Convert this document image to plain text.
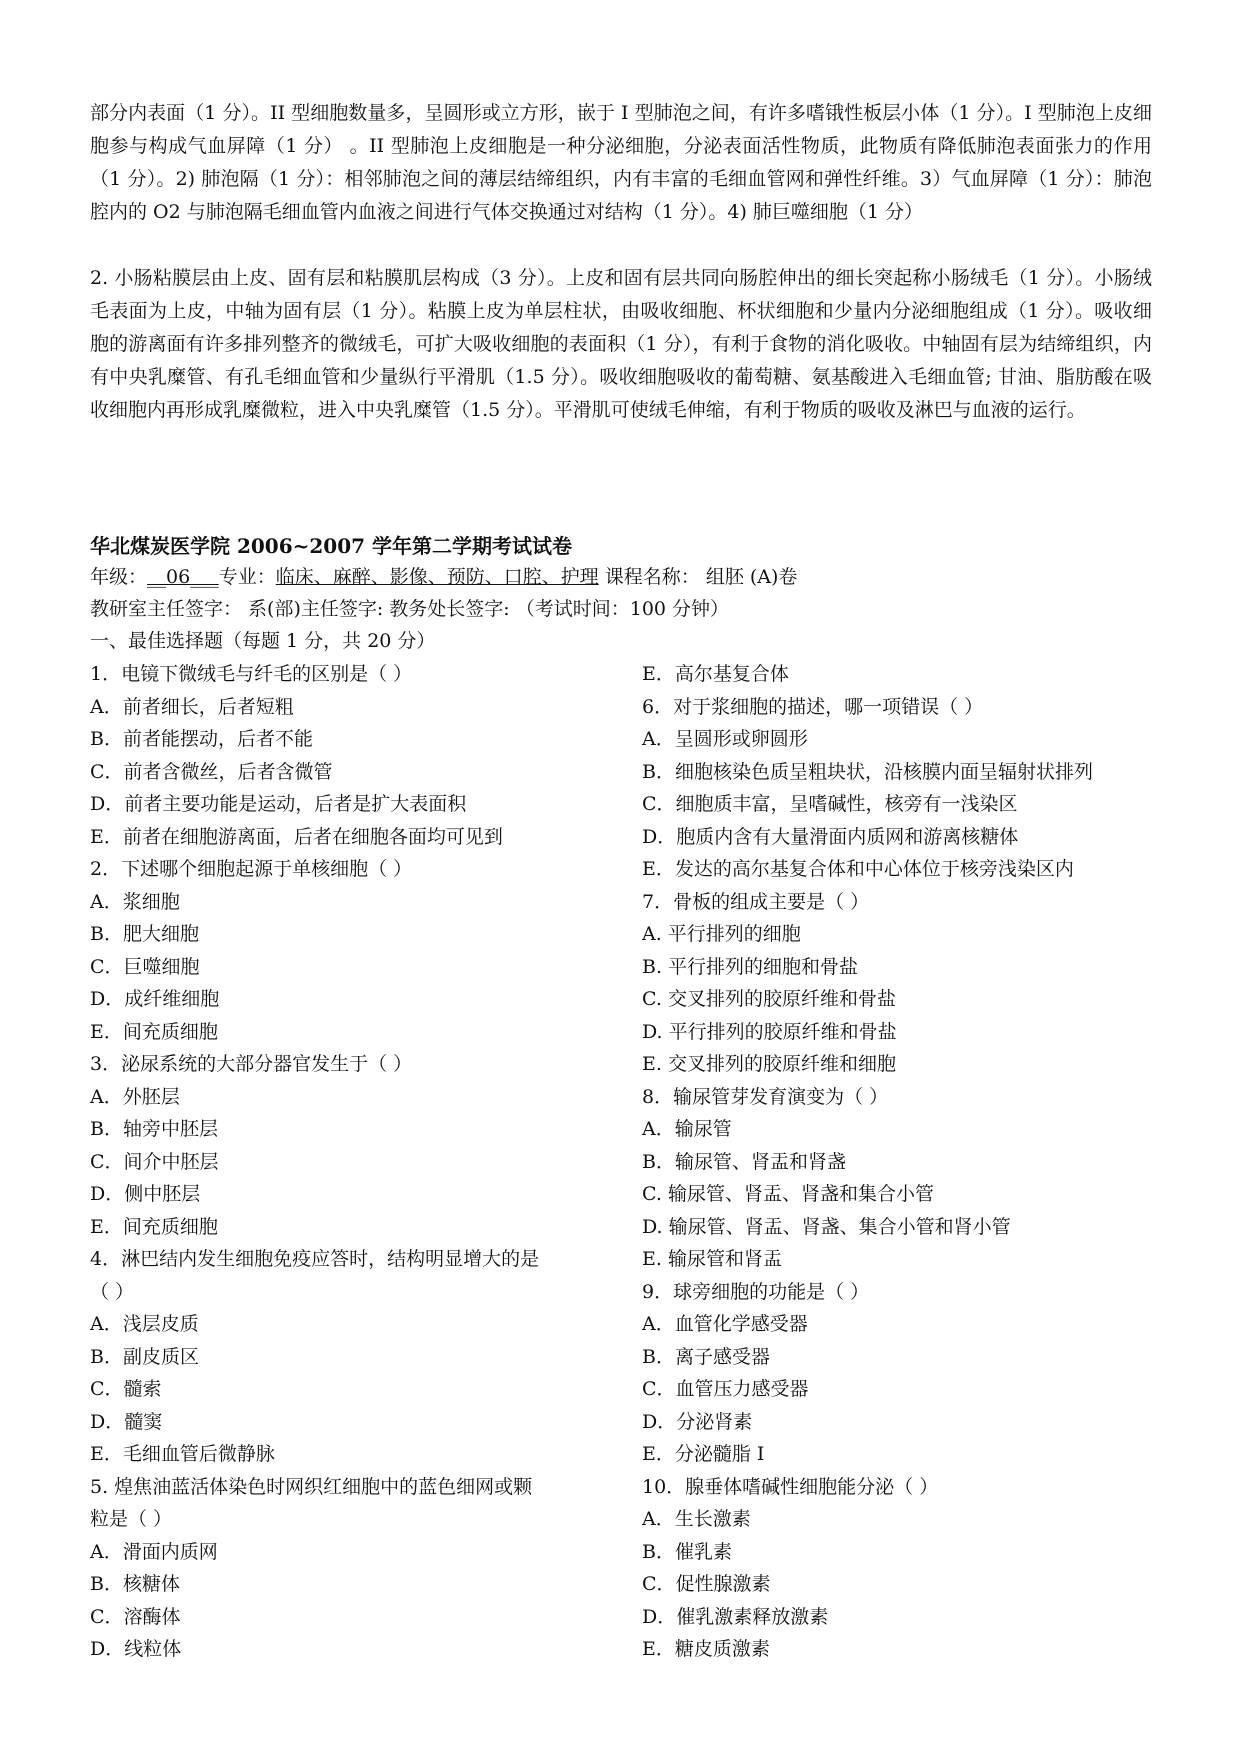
部分内表面（1 分）。II 型细胞数量多，呈圆形或立方形，嵌于 I 型肺泡之间，有许多嗜锇性板层小体（1 分）。I 型肺泡上皮细胞参与构成气血屏障（1 分） 。II 型肺泡上皮细胞是一种分泌细胞，分泌表面活性物质，此物质有降低肺泡表面张力的作用（1 分）。2) 肺泡隔（1 分）：相邻肺泡之间的薄层结缔组织，内有丰富的毛细血管网和弹性纤维。3）气血屏障（1 分）：肺泡腔内的 O2 与肺泡隔毛细血管内血液之间进行气体交换通过对结构（1 分）。4) 肺巨噬细胞（1 分）

2. 小肠粘膜层由上皮、固有层和粘膜肌层构成（3 分）。上皮和固有层共同向肠腔伸出的细长突起称小肠绒毛（1 分）。小肠绒毛表面为上皮，中轴为固有层（1 分）。粘膜上皮为单层柱状，由吸收细胞、杯状细胞和少量内分泌细胞组成（1 分）。吸收细胞的游离面有许多排列整齐的微绒毛，可扩大吸收细胞的表面积（1 分），有利于食物的消化吸收。中轴固有层为结缔组织，内有中央乳糜管、有孔毛细血管和少量纵行平滑肌（1.5 分）。吸收细胞吸收的葡萄糖、氨基酸进入毛细血管; 甘油、脂肪酸在吸收细胞内再形成乳糜微粒，进入中央乳糜管（1.5 分）。平滑肌可使绒毛伸缩，有利于物质的吸收及淋巴与血液的运行。

华北煤炭医学院 2006~2007 学年第二学期考试试卷
年级：__06___专业：临床、麻醉、影像、预防、口腔、护理 课程名称： 组胚 (A)卷
教研室主任签字： 系(部)主任签字: 教务处长签字: （考试时间：100 分钟）
一、最佳选择题（每题 1 分，共 20 分）
1．电镜下微绒毛与纤毛的区别是（ ）
A．前者细长，后者短粗
B．前者能摆动，后者不能
C．前者含微丝，后者含微管
D．前者主要功能是运动，后者是扩大表面积
E．前者在细胞游离面，后者在细胞各面均可见到
2．下述哪个细胞起源于单核细胞（ ）
A．浆细胞
B．肥大细胞
C．巨噬细胞
D．成纤维细胞
E．间充质细胞
3．泌尿系统的大部分器官发生于（ ）
A．外胚层
B．轴旁中胚层
C．间介中胚层
D．侧中胚层
E．间充质细胞
4．淋巴结内发生细胞免疫应答时，结构明显增大的是
（ ）
A．浅层皮质
B．副皮质区
C．髓索
D．髓窦
E．毛细血管后微静脉
5. 煌焦油蓝活体染色时网织红细胞中的蓝色细网或颗
粒是（ ）
A．滑面内质网
B．核糖体
C．溶酶体
D．线粒体
E．高尔基复合体
6．对于浆细胞的描述，哪一项错误（ ）
A．呈圆形或卵圆形
B．细胞核染色质呈粗块状，沿核膜内面呈辐射状排列
C．细胞质丰富，呈嗜碱性，核旁有一浅染区
D．胞质内含有大量滑面内质网和游离核糖体
E．发达的高尔基复合体和中心体位于核旁浅染区内
7．骨板的组成主要是（ ）
A. 平行排列的细胞
B. 平行排列的细胞和骨盐
C. 交叉排列的胶原纤维和骨盐
D. 平行排列的胶原纤维和骨盐
E. 交叉排列的胶原纤维和细胞
8．输尿管芽发育演变为（ ）
A．输尿管
B．输尿管、肾盂和肾盏
C. 输尿管、肾盂、肾盏和集合小管
D. 输尿管、肾盂、肾盏、集合小管和肾小管
E. 输尿管和肾盂
9．球旁细胞的功能是（ ）
A．血管化学感受器
B．离子感受器
C．血管压力感受器
D．分泌肾素
E．分泌髓脂 I
10．腺垂体嗜碱性细胞能分泌（ ）
A．生长激素
B．催乳素
C．促性腺激素
D．催乳激素释放激素
E．糖皮质激素
